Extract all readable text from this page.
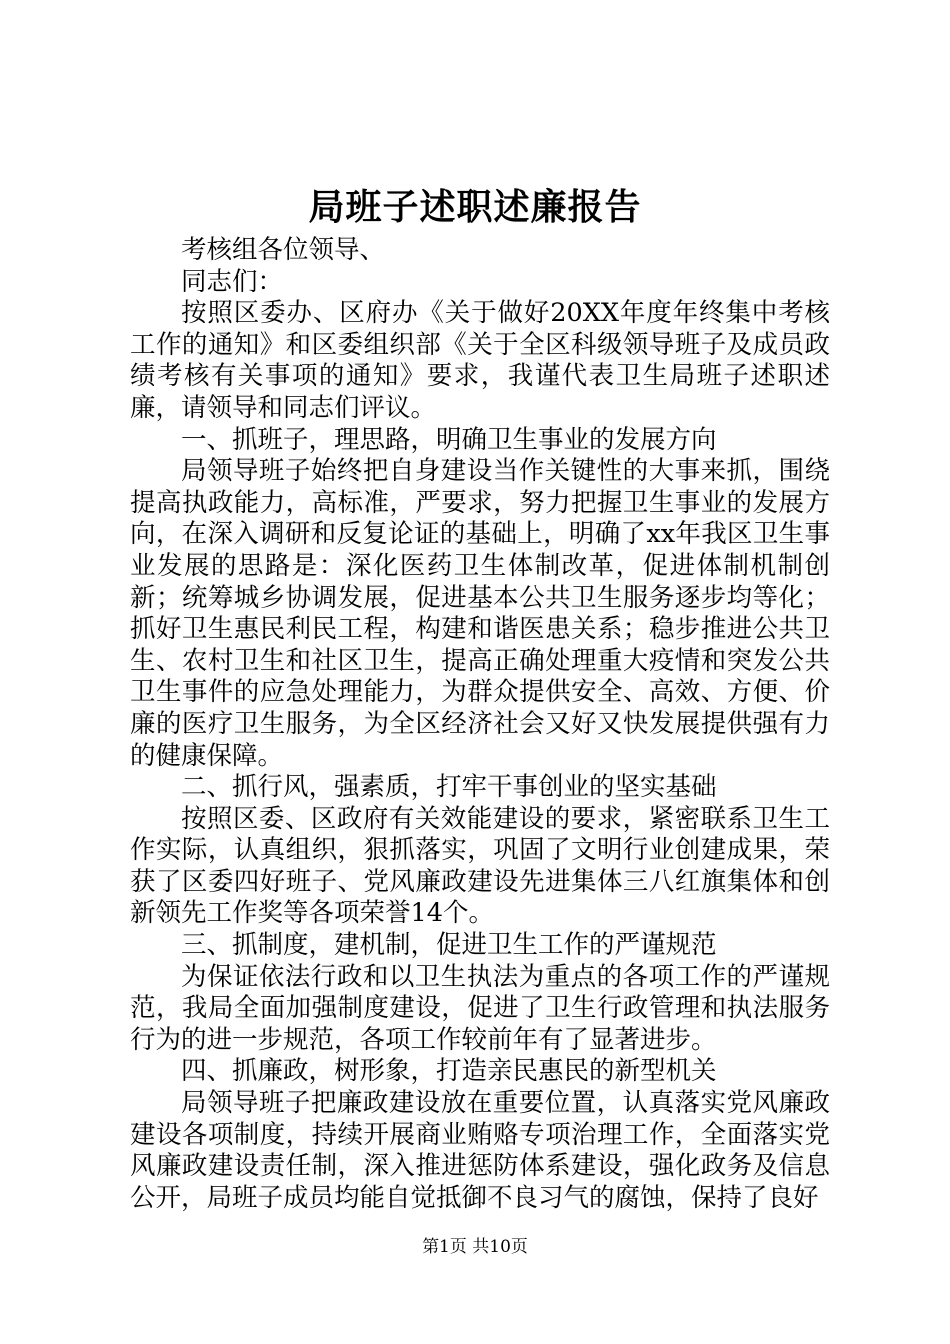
局班子述职述廉报告

考核组各位领导、

同志们：

按照区委办、区府办《关于做好20XX年度年终集中考核工作的通知》和区委组织部《关于全区科级领导班子及成员政绩考核有关事项的通知》要求，我谨代表卫生局班子述职述廉，请领导和同志们评议。

一、抓班子，理思路，明确卫生事业的发展方向

局领导班子始终把自身建设当作关键性的大事来抓，围绕提高执政能力，高标准，严要求，努力把握卫生事业的发展方向，在深入调研和反复论证的基础上，明确了xx年我区卫生事业发展的思路是：深化医药卫生体制改革，促进体制机制创新；统筹城乡协调发展，促进基本公共卫生服务逐步均等化；抓好卫生惠民利民工程，构建和谐医患关系；稳步推进公共卫生、农村卫生和社区卫生，提高正确处理重大疫情和突发公共卫生事件的应急处理能力，为群众提供安全、高效、方便、价廉的医疗卫生服务，为全区经济社会又好又快发展提供强有力的健康保障。

二、抓行风，强素质，打牢干事创业的坚实基础

按照区委、区政府有关效能建设的要求，紧密联系卫生工作实际，认真组织，狠抓落实，巩固了文明行业创建成果，荣获了区委四好班子、党风廉政建设先进集体三八红旗集体和创新领先工作奖等各项荣誉14个。

三、抓制度，建机制，促进卫生工作的严谨规范

为保证依法行政和以卫生执法为重点的各项工作的严谨规范，我局全面加强制度建设，促进了卫生行政管理和执法服务行为的进一步规范，各项工作较前年有了显著进步。

四、抓廉政，树形象，打造亲民惠民的新型机关

局领导班子把廉政建设放在重要位置，认真落实党风廉政建设各项制度，持续开展商业贿赂专项治理工作，全面落实党风廉政建设责任制，深入推进惩防体系建设，强化政务及信息公开，局班子成员均能自觉抵御不良习气的腐蚀，保持了良好

第1页 共10页
